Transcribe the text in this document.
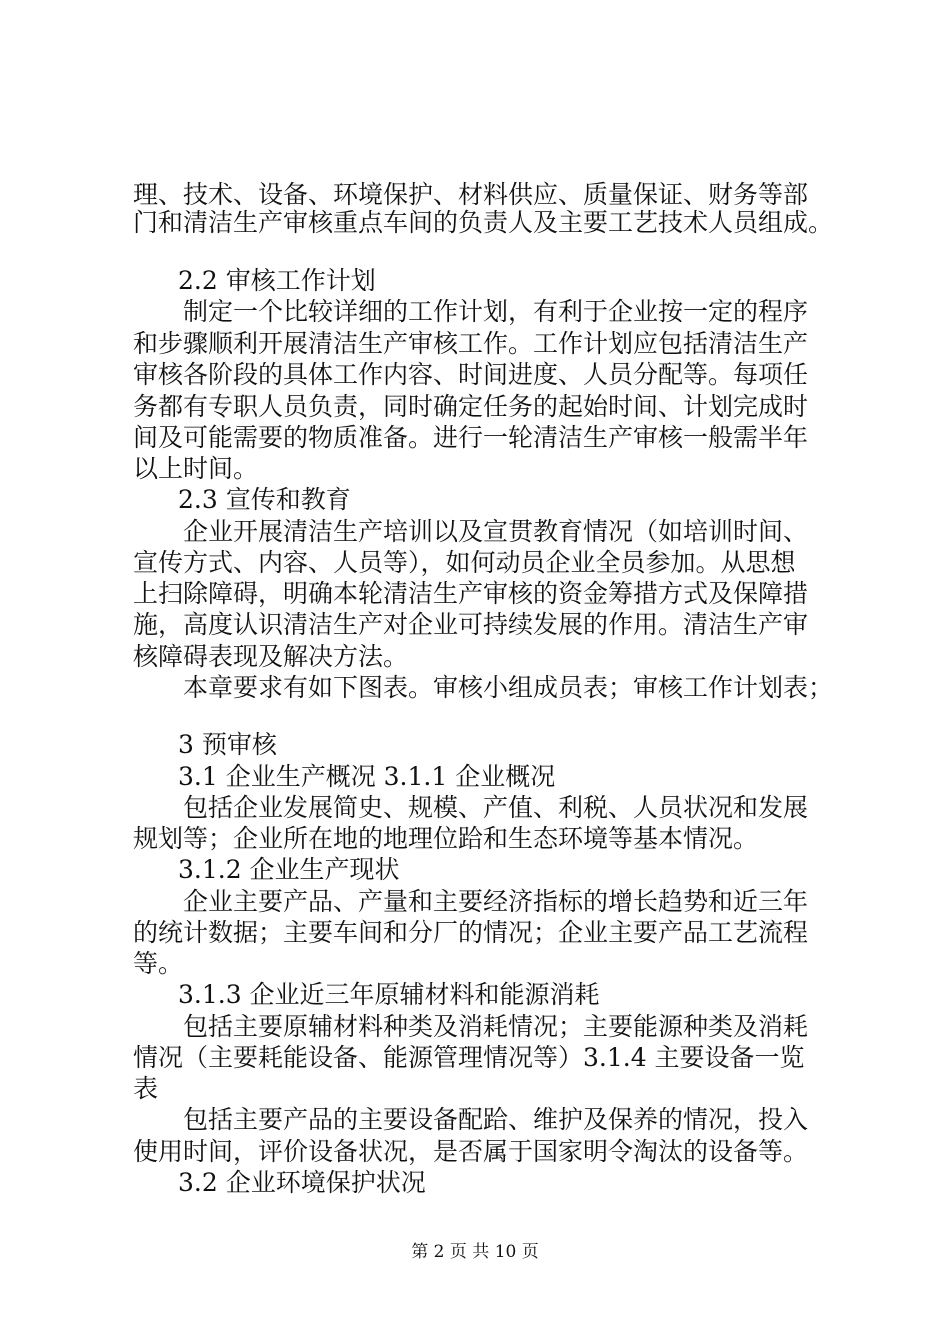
理、技术、设备、环境保护、材料供应、质量保证、财务等部
门和清洁生产审核重点车间的负责人及主要工艺技术人员组成。
2.2 审核工作计划
制定一个比较详细的工作计划，有利于企业按一定的程序
和步骤顺利开展清洁生产审核工作。工作计划应包括清洁生产
审核各阶段的具体工作内容、时间进度、人员分配等。每项任
务都有专职人员负责，同时确定任务的起始时间、计划完成时
间及可能需要的物质准备。进行一轮清洁生产审核一般需半年
以上时间。
2.3 宣传和教育
企业开展清洁生产培训以及宣贯教育情况（如培训时间、
宣传方式、内容、人员等），如何动员企业全员参加。从思想
上扫除障碍，明确本轮清洁生产审核的资金筹措方式及保障措
施，高度认识清洁生产对企业可持续发展的作用。清洁生产审
核障碍表现及解决方法。
本章要求有如下图表。审核小组成员表；审核工作计划表；
3 预审核
3.1 企业生产概况 3.1.1 企业概况
包括企业发展简史、规模、产值、利税、人员状况和发展
规划等；企业所在地的地理位跲和生态环境等基本情况。
3.1.2 企业生产现状
企业主要产品、产量和主要经济指标的增长趋势和近三年
的统计数据；主要车间和分厂的情况；企业主要产品工艺流程
等。
3.1.3 企业近三年原辅材料和能源消耗
包括主要原辅材料种类及消耗情况；主要能源种类及消耗
情况（主要耗能设备、能源管理情况等）3.1.4 主要设备一览
表
包括主要产品的主要设备配跲、维护及保养的情况，投入
使用时间，评价设备状况，是否属于国家明令淘汰的设备等。
3.2 企业环境保护状况
第 2 页 共 10 页
